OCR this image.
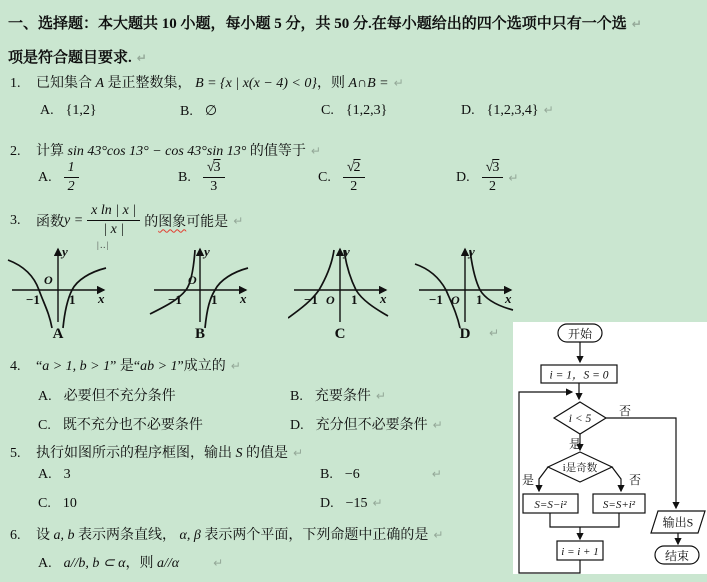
一、选择题：本大题共 10 小题，每小题 5 分，共 50 分.在每小题给出的四个选项中只有一个选 ↵
项是符合题目要求. ↵
1. 已知集合 A 是正整数集， B = {x | x(x − 4) < 0}，则 A∩B = ↵
A. {1,2}	B. ∅	C. {1,2,3}	D. {1,2,3,4} ↵
2. 计算 sin 43°cos 13° − cos 43°sin 13° 的值等于 ↵
A. $\frac{1}{2}$	B. $\frac{√3}{3}$	C. $\frac{√2}{2}$	D. $\frac{√3}{2}$ ↵
3.	函数 $y = \frac{\text{x ln | x |}}{| x |}$ 的 图象 可能是 ↵
|‥|
y
x
O
−1 1
A
y
x
O
−1 1
B
y
x
O
−1	1
C
y
x
O
−1	1
D	↵
4. “a > 1, b > 1” 是“ab > 1”成立的 ↵
A. 必要但不充分条件	B. 充要条件 ↵
C. 既不充分也不必要条件	D. 充分但不必要条件 ↵
5. 执行如图所示的程序框图，输出 S 的值是 ↵
A. 3	B. −6	↵
C. 10	D. −15 ↵
6. 设 a, b 表示两条直线， α, β 表示两个平面，下列命题中正确的是 ↵
A. a//b, b ⊂ α，则 a//α	↵
开始
i = 1，S = 0
i < 5
否
是
i是奇数
是	否
S=S−i²	S=S+i²
i = i + 1
输出S
结束
